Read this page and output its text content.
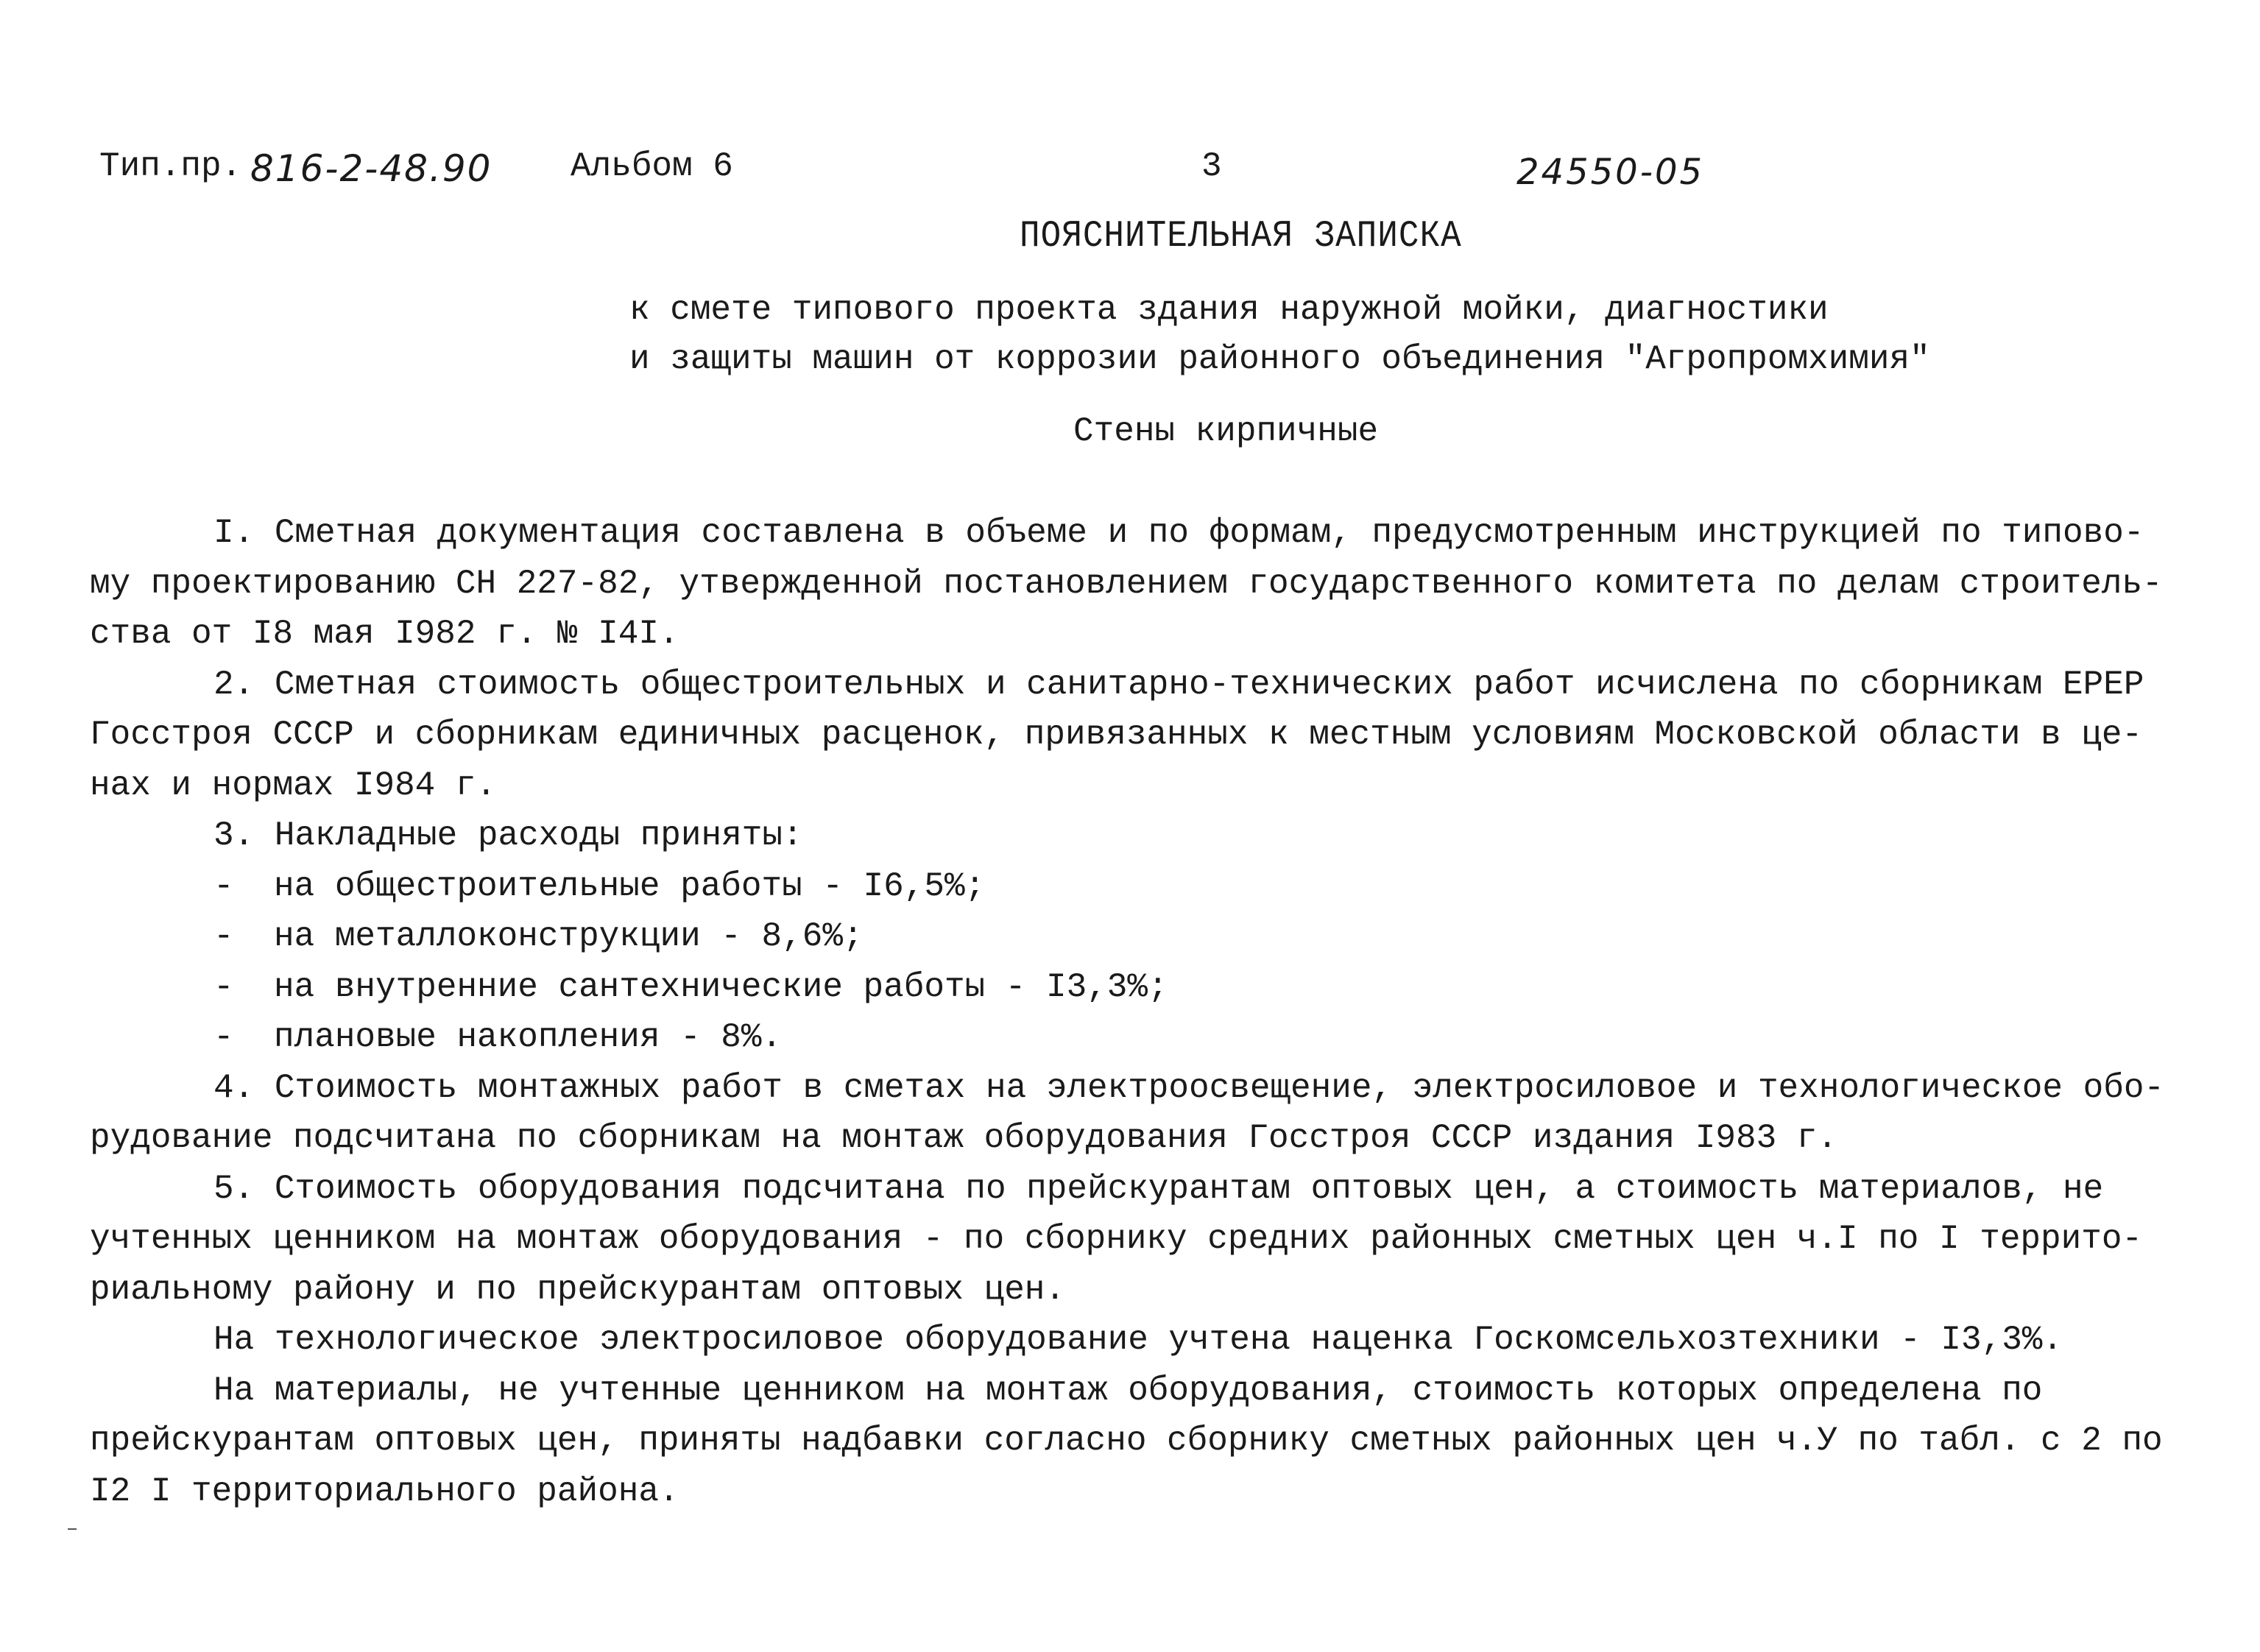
Тип.пр. 816-2-48.90 Альбом 6	3	24550-05
ПОЯСНИТЕЛЬНАЯ ЗАПИСКА
к смете типового проекта здания наружной мойки, диагностики
и защиты машин от коррозии районного объединения "Агропромхимия"
Стены кирпичные
I. Сметная документация составлена в объеме и по формам, предусмотренным инструкцией по типово-
му проектированию СН 227-82, утвержденной постановлением государственного комитета по делам строитель-
ства от I8 мая I982 г. № I4I.
2. Сметная стоимость общестроительных и санитарно-технических работ исчислена по сборникам ЕРЕР
Госстроя СССР и сборникам единичных расценок, привязанных к местным условиям Московской области в це-
нах и нормах I984 г.
3. Накладные расходы приняты:
- на общестроительные работы - I6,5%;
- на металлоконструкции - 8,6%;
- на внутренние сантехнические работы - I3,3%;
- плановые накопления - 8%.
4. Стоимость монтажных работ в сметах на электроосвещение, электросиловое и технологическое обо-
рудование подсчитана по сборникам на монтаж оборудования Госстроя СССР издания I983 г.
5. Стоимость оборудования подсчитана по прейскурантам оптовых цен, а стоимость материалов, не
учтенных ценником на монтаж оборудования - по сборнику средних районных сметных цен ч.I по I террито-
риальному району и по прейскурантам оптовых цен.
На технологическое электросиловое оборудование учтена наценка Госкомсельхозтехники - I3,3%.
На материалы, не учтенные ценником на монтаж оборудования, стоимость которых определена по
прейскурантам оптовых цен, приняты надбавки согласно сборнику сметных районных цен ч.У по табл. с 2 по
I2 I территориального района.
